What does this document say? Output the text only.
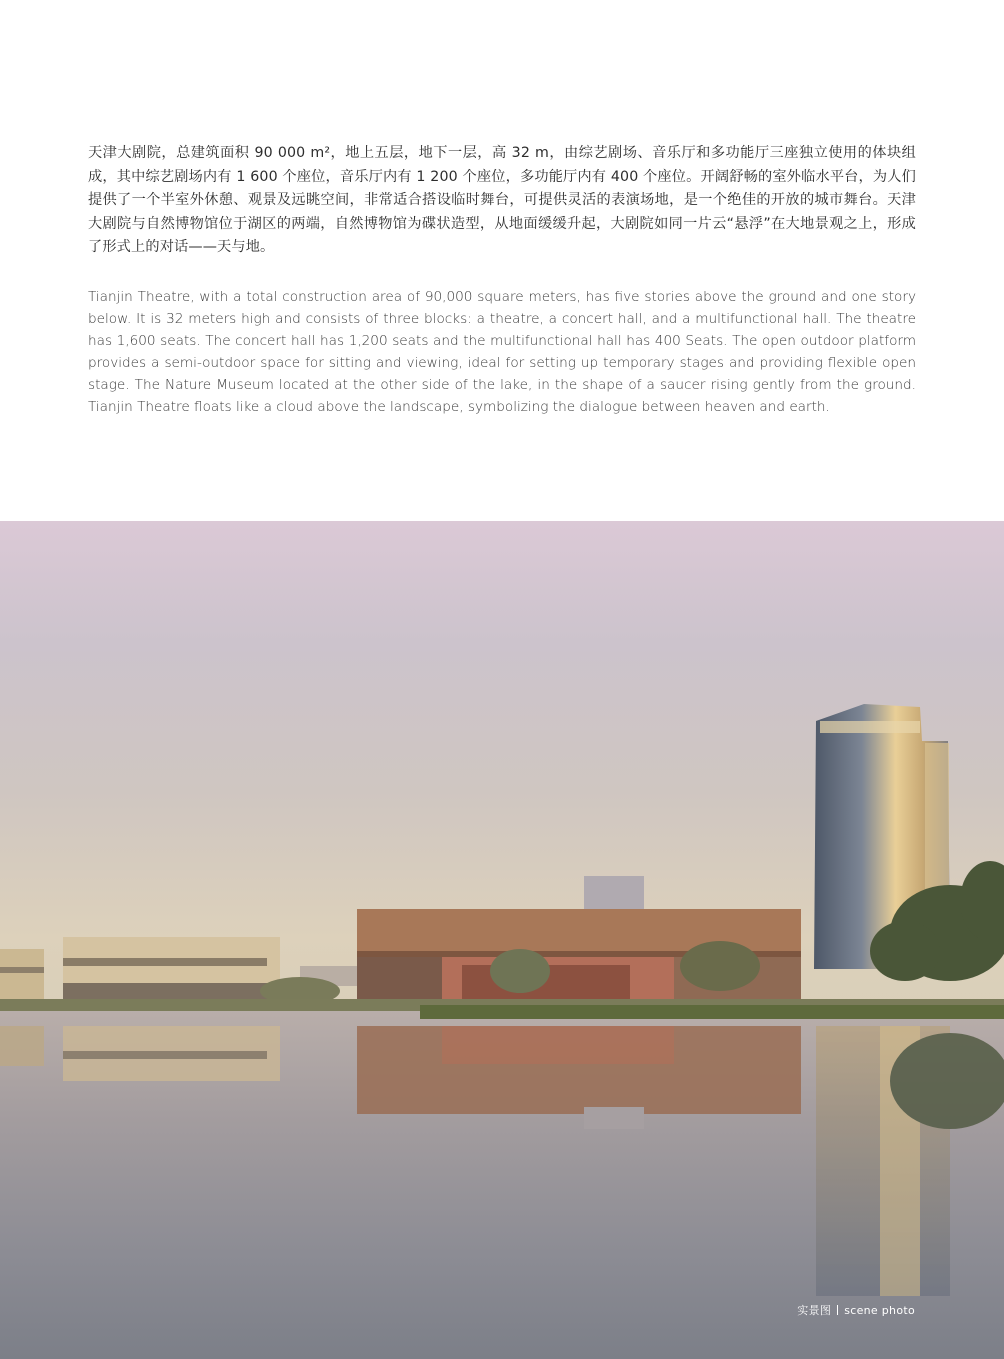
天津大剧院，总建筑面积 90 000 m²，地上五层，地下一层，高 32 m，由综艺剧场、音乐厅和多功能厅三座独立使用的体块组成，其中综艺剧场内有 1 600 个座位，音乐厅内有 1 200 个座位，多功能厅内有 400 个座位。开阔舒畅的室外临水平台，为人们提供了一个半室外休憩、观景及远眺空间，非常适合搭设临时舞台，可提供灵活的表演场地，是一个绝佳的开放的城市舞台。天津大剧院与自然博物馆位于湖区的两端，自然博物馆为碟状造型，从地面缓缓升起，大剧院如同一片云“悬浮”在大地景观之上，形成了形式上的对话——天与地。

Tianjin Theatre, with a total construction area of 90,000 square meters, has five stories above the ground and one story below. It is 32 meters high and consists of three blocks: a theatre, a concert hall, and a multifunctional hall. The theatre has 1,600 seats. The concert hall has 1,200 seats and the multifunctional hall has 400 Seats. The open outdoor platform provides a semi-outdoor space for sitting and viewing, ideal for setting up temporary stages and providing flexible open stage. The Nature Museum located at the other side of the lake, in the shape of a saucer rising gently from the ground. Tianjin Theatre floats like a cloud above the landscape, symbolizing the dialogue between heaven and earth.

实景图 scene photo
